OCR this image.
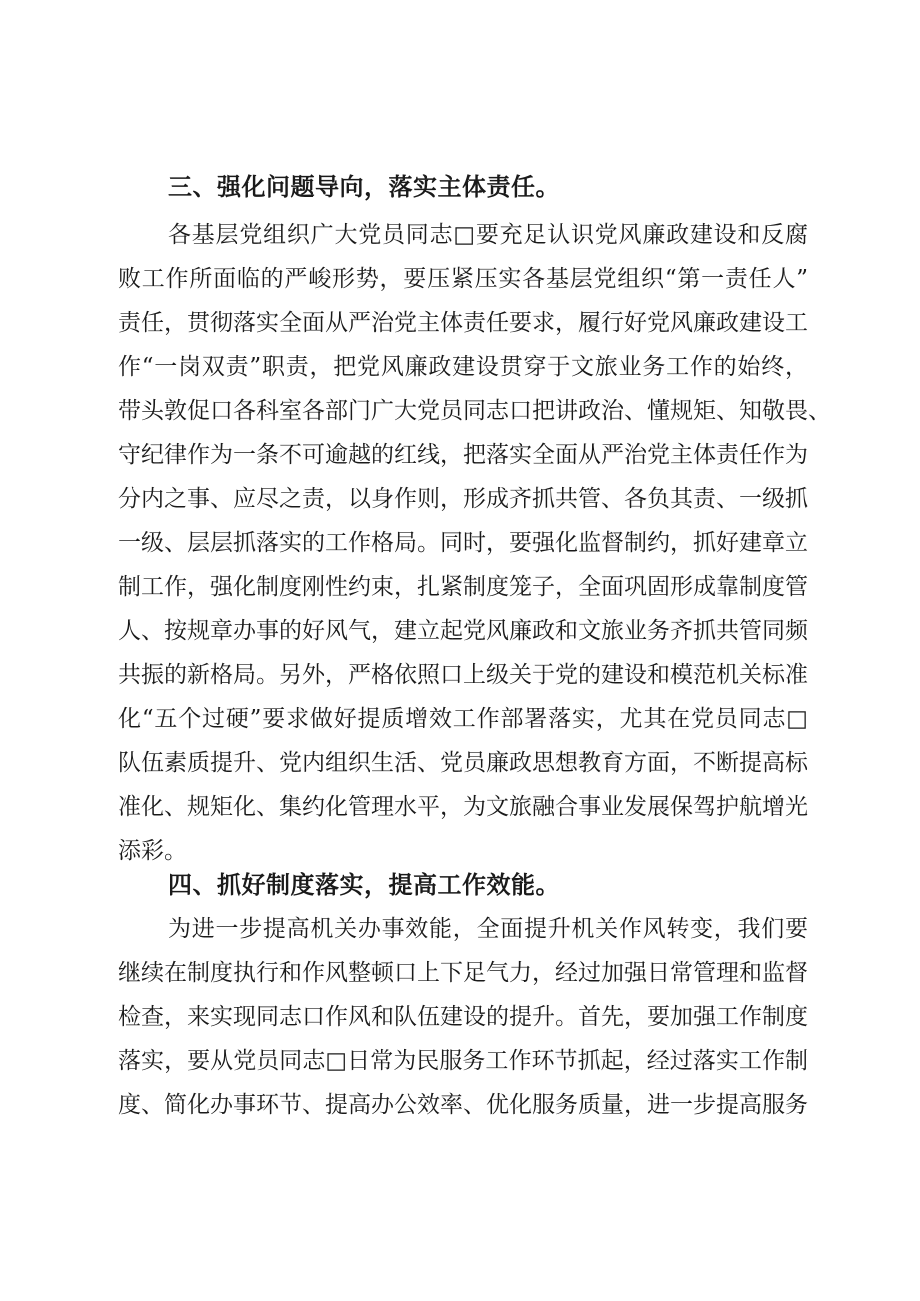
三、强化问题导向，落实主体责任。
各基层党组织广大党员同志□要充足认识党风廉政建设和反腐
败工作所面临的严峻形势，要压紧压实各基层党组织“第一责任人”
责任，贯彻落实全面从严治党主体责任要求，履行好党风廉政建设工
作“一岗双责”职责，把党风廉政建设贯穿于文旅业务工作的始终，
带头敦促口各科室各部门广大党员同志口把讲政治、懂规矩、知敬畏、
守纪律作为一条不可逾越的红线，把落实全面从严治党主体责任作为
分内之事、应尽之责，以身作则，形成齐抓共管、各负其责、一级抓
一级、层层抓落实的工作格局。同时，要强化监督制约，抓好建章立
制工作，强化制度刚性约束，扎紧制度笼子，全面巩固形成靠制度管
人、按规章办事的好风气，建立起党风廉政和文旅业务齐抓共管同频
共振的新格局。另外，严格依照口上级关于党的建设和模范机关标准
化“五个过硬”要求做好提质增效工作部署落实，尤其在党员同志□
队伍素质提升、党内组织生活、党员廉政思想教育方面，不断提高标
准化、规矩化、集约化管理水平，为文旅融合事业发展保驾护航增光
添彩。
四、抓好制度落实，提高工作效能。
为进一步提高机关办事效能，全面提升机关作风转变，我们要
继续在制度执行和作风整顿口上下足气力，经过加强日常管理和监督
检查，来实现同志口作风和队伍建设的提升。首先，要加强工作制度
落实，要从党员同志□日常为民服务工作环节抓起，经过落实工作制
度、简化办事环节、提高办公效率、优化服务质量，进一步提高服务
